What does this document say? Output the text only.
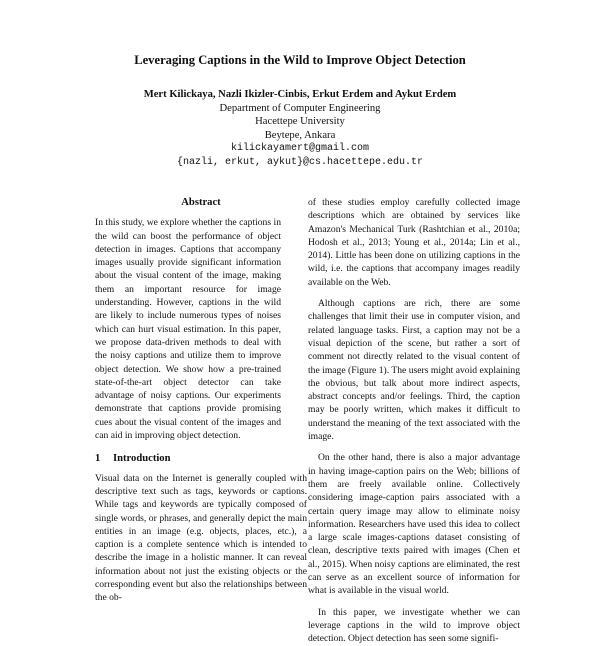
Leveraging Captions in the Wild to Improve Object Detection
Mert Kilickaya, Nazli Ikizler-Cinbis, Erkut Erdem and Aykut Erdem
Department of Computer Engineering
Hacettepe University
Beytepe, Ankara
kilickayamert@gmail.com
{nazli, erkut, aykut}@cs.hacettepe.edu.tr
Abstract

In this study, we explore whether the captions in the wild can boost the performance of object detection in images. Captions that accompany images usually provide significant information about the visual content of the image, making them an important resource for image understanding. However, captions in the wild are likely to include numerous types of noises which can hurt visual estimation. In this paper, we propose data-driven methods to deal with the noisy captions and utilize them to improve object detection. We show how a pre-trained state-of-the-art object detector can take advantage of noisy captions. Our experiments demonstrate that captions provide promising cues about the visual content of the images and can aid in improving object detection.

1 Introduction

Visual data on the Internet is generally coupled with descriptive text such as tags, keywords or captions. While tags and keywords are typically composed of single words, or phrases, and generally depict the main entities in an image (e.g. objects, places, etc.), a caption is a complete sentence which is intended to describe the image in a holistic manner. It can reveal information about not just the existing objects or the corresponding event but also the relationships between the ob-

of these studies employ carefully collected image descriptions which are obtained by services like Amazon's Mechanical Turk (Rashtchian et al., 2010a; Hodosh et al., 2013; Young et al., 2014a; Lin et al., 2014). Little has been done on utilizing captions in the wild, i.e. the captions that accompany images readily available on the Web.

Although captions are rich, there are some challenges that limit their use in computer vision, and related language tasks. First, a caption may not be a visual depiction of the scene, but rather a sort of comment not directly related to the visual content of the image (Figure 1). The users might avoid explaining the obvious, but talk about more indirect aspects, abstract concepts and/or feelings. Third, the caption may be poorly written, which makes it difficult to understand the meaning of the text associated with the image.

On the other hand, there is also a major advantage in having image-caption pairs on the Web; billions of them are freely available online. Collectively considering image-caption pairs associated with a certain query image may allow to eliminate noisy information. Researchers have used this idea to collect a large scale images-captions dataset consisting of clean, descriptive texts paired with images (Chen et al., 2015). When noisy captions are eliminated, the rest can serve as an excellent source of information for what is available in the visual world.

In this paper, we investigate whether we can leverage captions in the wild to improve object detection. Object detection has seen some signifi-
